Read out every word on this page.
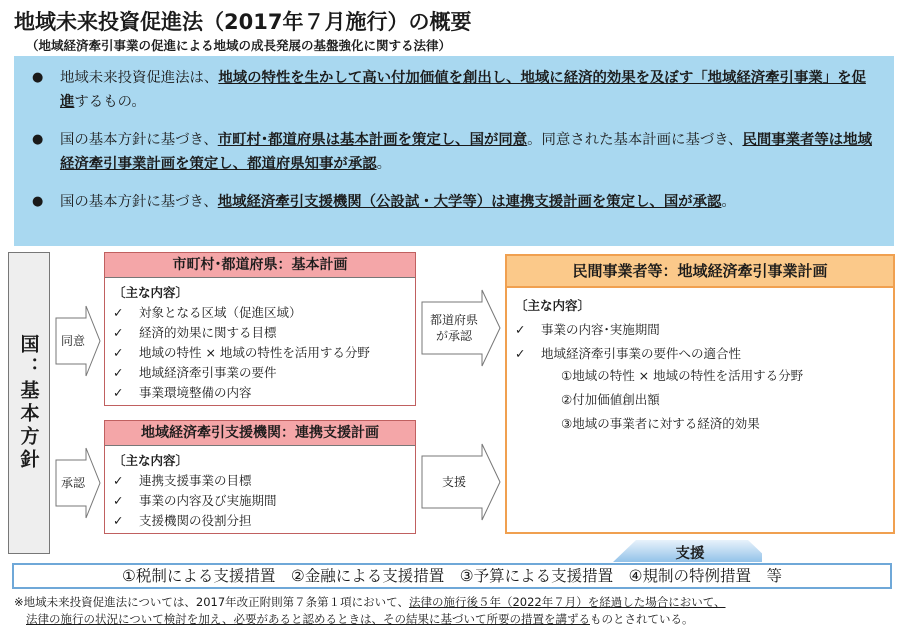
地域未来投資促進法（2017年７月施行）の概要
（地域経済牽引事業の促進による地域の成長発展の基盤強化に関する法律）
● 地域未来投資促進法は、地域の特性を生かして高い付加価値を創出し、地域に経済的効果を及ぼす「地域経済牽引事業」を促進するもの。
● 国の基本方針に基づき、市町村･都道府県は基本計画を策定し、国が同意。同意された基本計画に基づき、民間事業者等は地域経済牽引事業計画を策定し、都道府県知事が承認。
● 国の基本方針に基づき、地域経済牽引支援機関（公設試・大学等）は連携支援計画を策定し、国が承認。
国：基本方針 同意
承認
市町村･都道府県：基本計画
〔主な内容〕
✓ 対象となる区域（促進区域）
✓ 経済的効果に関する目標
✓ 地域の特性 × 地域の特性を活用する分野
✓ 地域経済牽引事業の要件
✓ 事業環境整備の内容
地域経済牽引支援機関：連携支援計画
〔主な内容〕
✓ 連携支援事業の目標
✓ 事業の内容及び実施期間
✓ 支援機関の役割分担
都道府県
が承認
支援
民間事業者等：地域経済牽引事業計画
〔主な内容〕
✓ 事業の内容･実施期間
✓ 地域経済牽引事業の要件への適合性
①地域の特性 × 地域の特性を活用する分野
②付加価値創出額
③地域の事業者に対する経済的効果
支援
①税制による支援措置　②金融による支援措置　③予算による支援措置　④規制の特例措置　等
※地域未来投資促進法については、2017年改正附則第７条第１項において、法律の施行後５年（2022年７月）を経過した場合において、
法律の施行の状況について検討を加え、必要があると認めるときは、その結果に基づいて所要の措置を講ずるものとされている。
